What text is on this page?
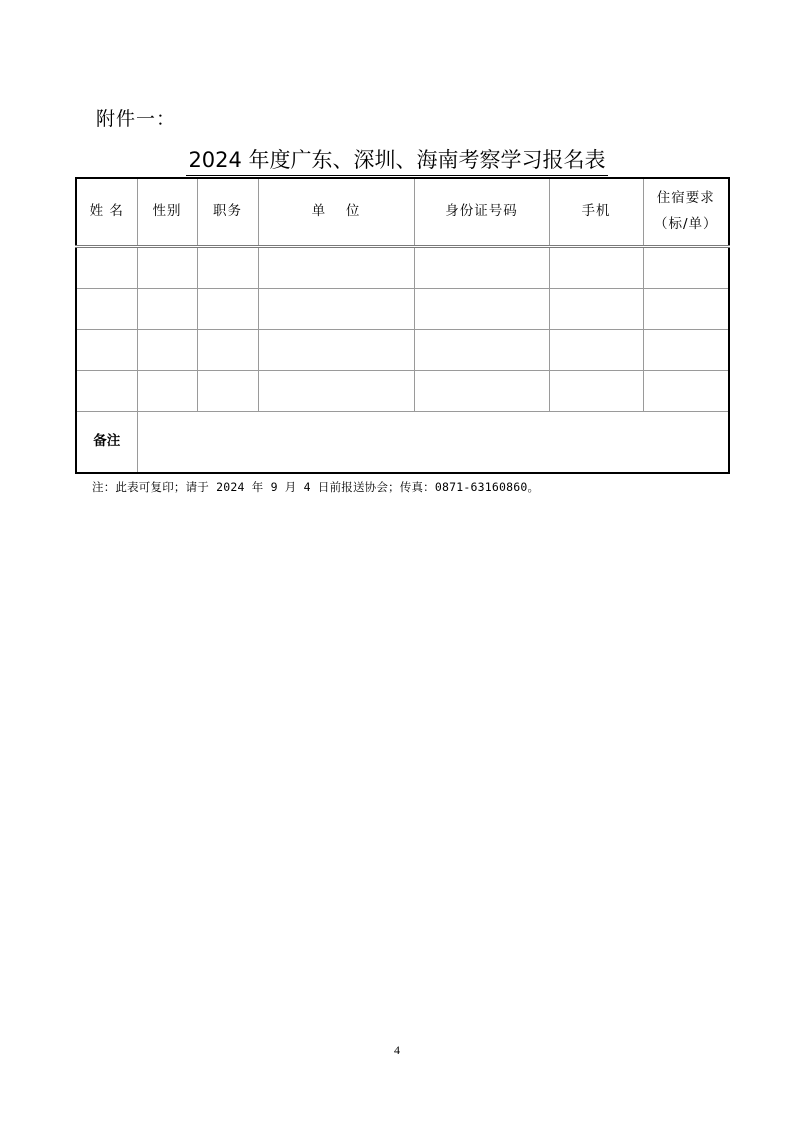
附件一：
2024 年度广东、深圳、海南考察学习报名表
姓 名	性别	职务	单　 位	身份证号码	手机	住宿要求
（标/单）

备注						
注：此表可复印；请于 2024 年 9 月 4 日前报送协会；传真：0871-63160860。
4
